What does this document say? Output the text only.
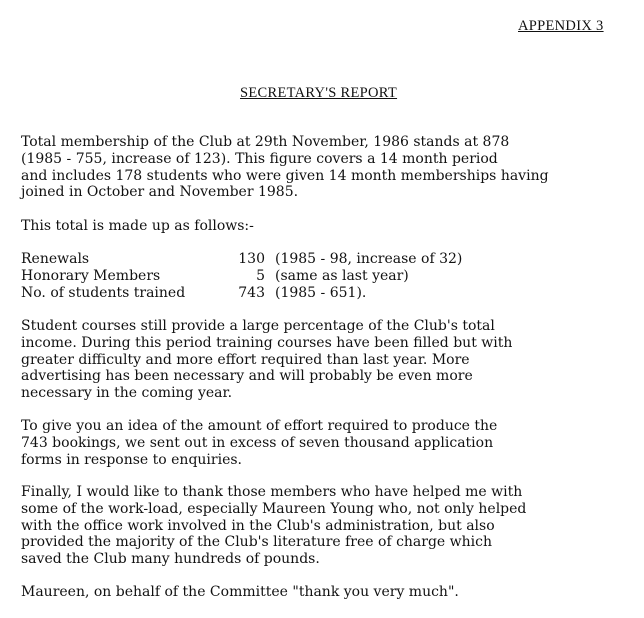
APPENDIX 3
SECRETARY'S REPORT
Total membership of the Club at 29th November, 1986 stands at 878
(1985 - 755, increase of 123). This figure covers a 14 month period
and includes 178 students who were given 14 month memberships having
joined in October and November 1985.
This total is made up as follows:-
Renewals	130 (1985 - 98, increase of 32)
Honorary Members	5 (same as last year)
No. of students trained	743 (1985 - 651).
Student courses still provide a large percentage of the Club's total
income. During this period training courses have been filled but with
greater difficulty and more effort required than last year. More
advertising has been necessary and will probably be even more
necessary in the coming year.
To give you an idea of the amount of effort required to produce the
743 bookings, we sent out in excess of seven thousand application
forms in response to enquiries.
Finally, I would like to thank those members who have helped me with
some of the work-load, especially Maureen Young who, not only helped
with the office work involved in the Club's administration, but also
provided the majority of the Club's literature free of charge which
saved the Club many hundreds of pounds.
Maureen, on behalf of the Committee "thank you very much".
